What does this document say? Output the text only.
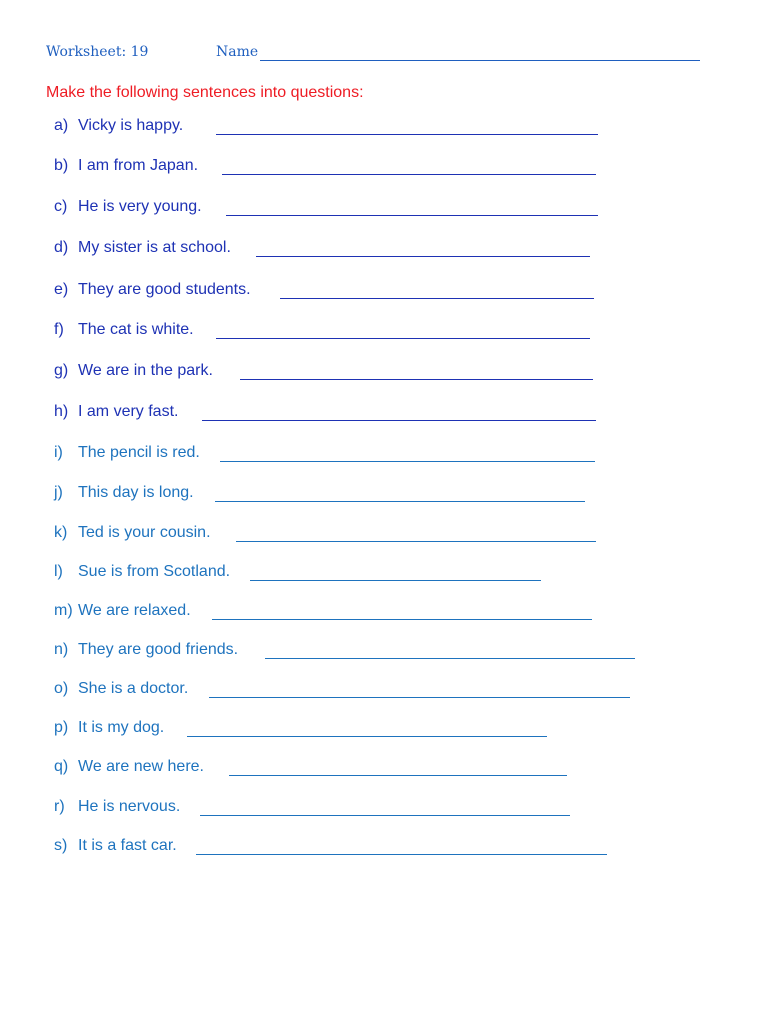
Worksheet: 19	Name
Make the following sentences into questions:
a) Vicky is happy.
b) I am from Japan.
c) He is very young.
d) My sister is at school.
e) They are good students.
f) The cat is white.
g) We are in the park.
h) I am very fast.
i) The pencil is red.
j) This day is long.
k) Ted is your cousin.
l) Sue is from Scotland.
m) We are relaxed.
n) They are good friends.
o) She is a doctor.
p) It is my dog.
q) We are new here.
r) He is nervous.
s) It is a fast car.
